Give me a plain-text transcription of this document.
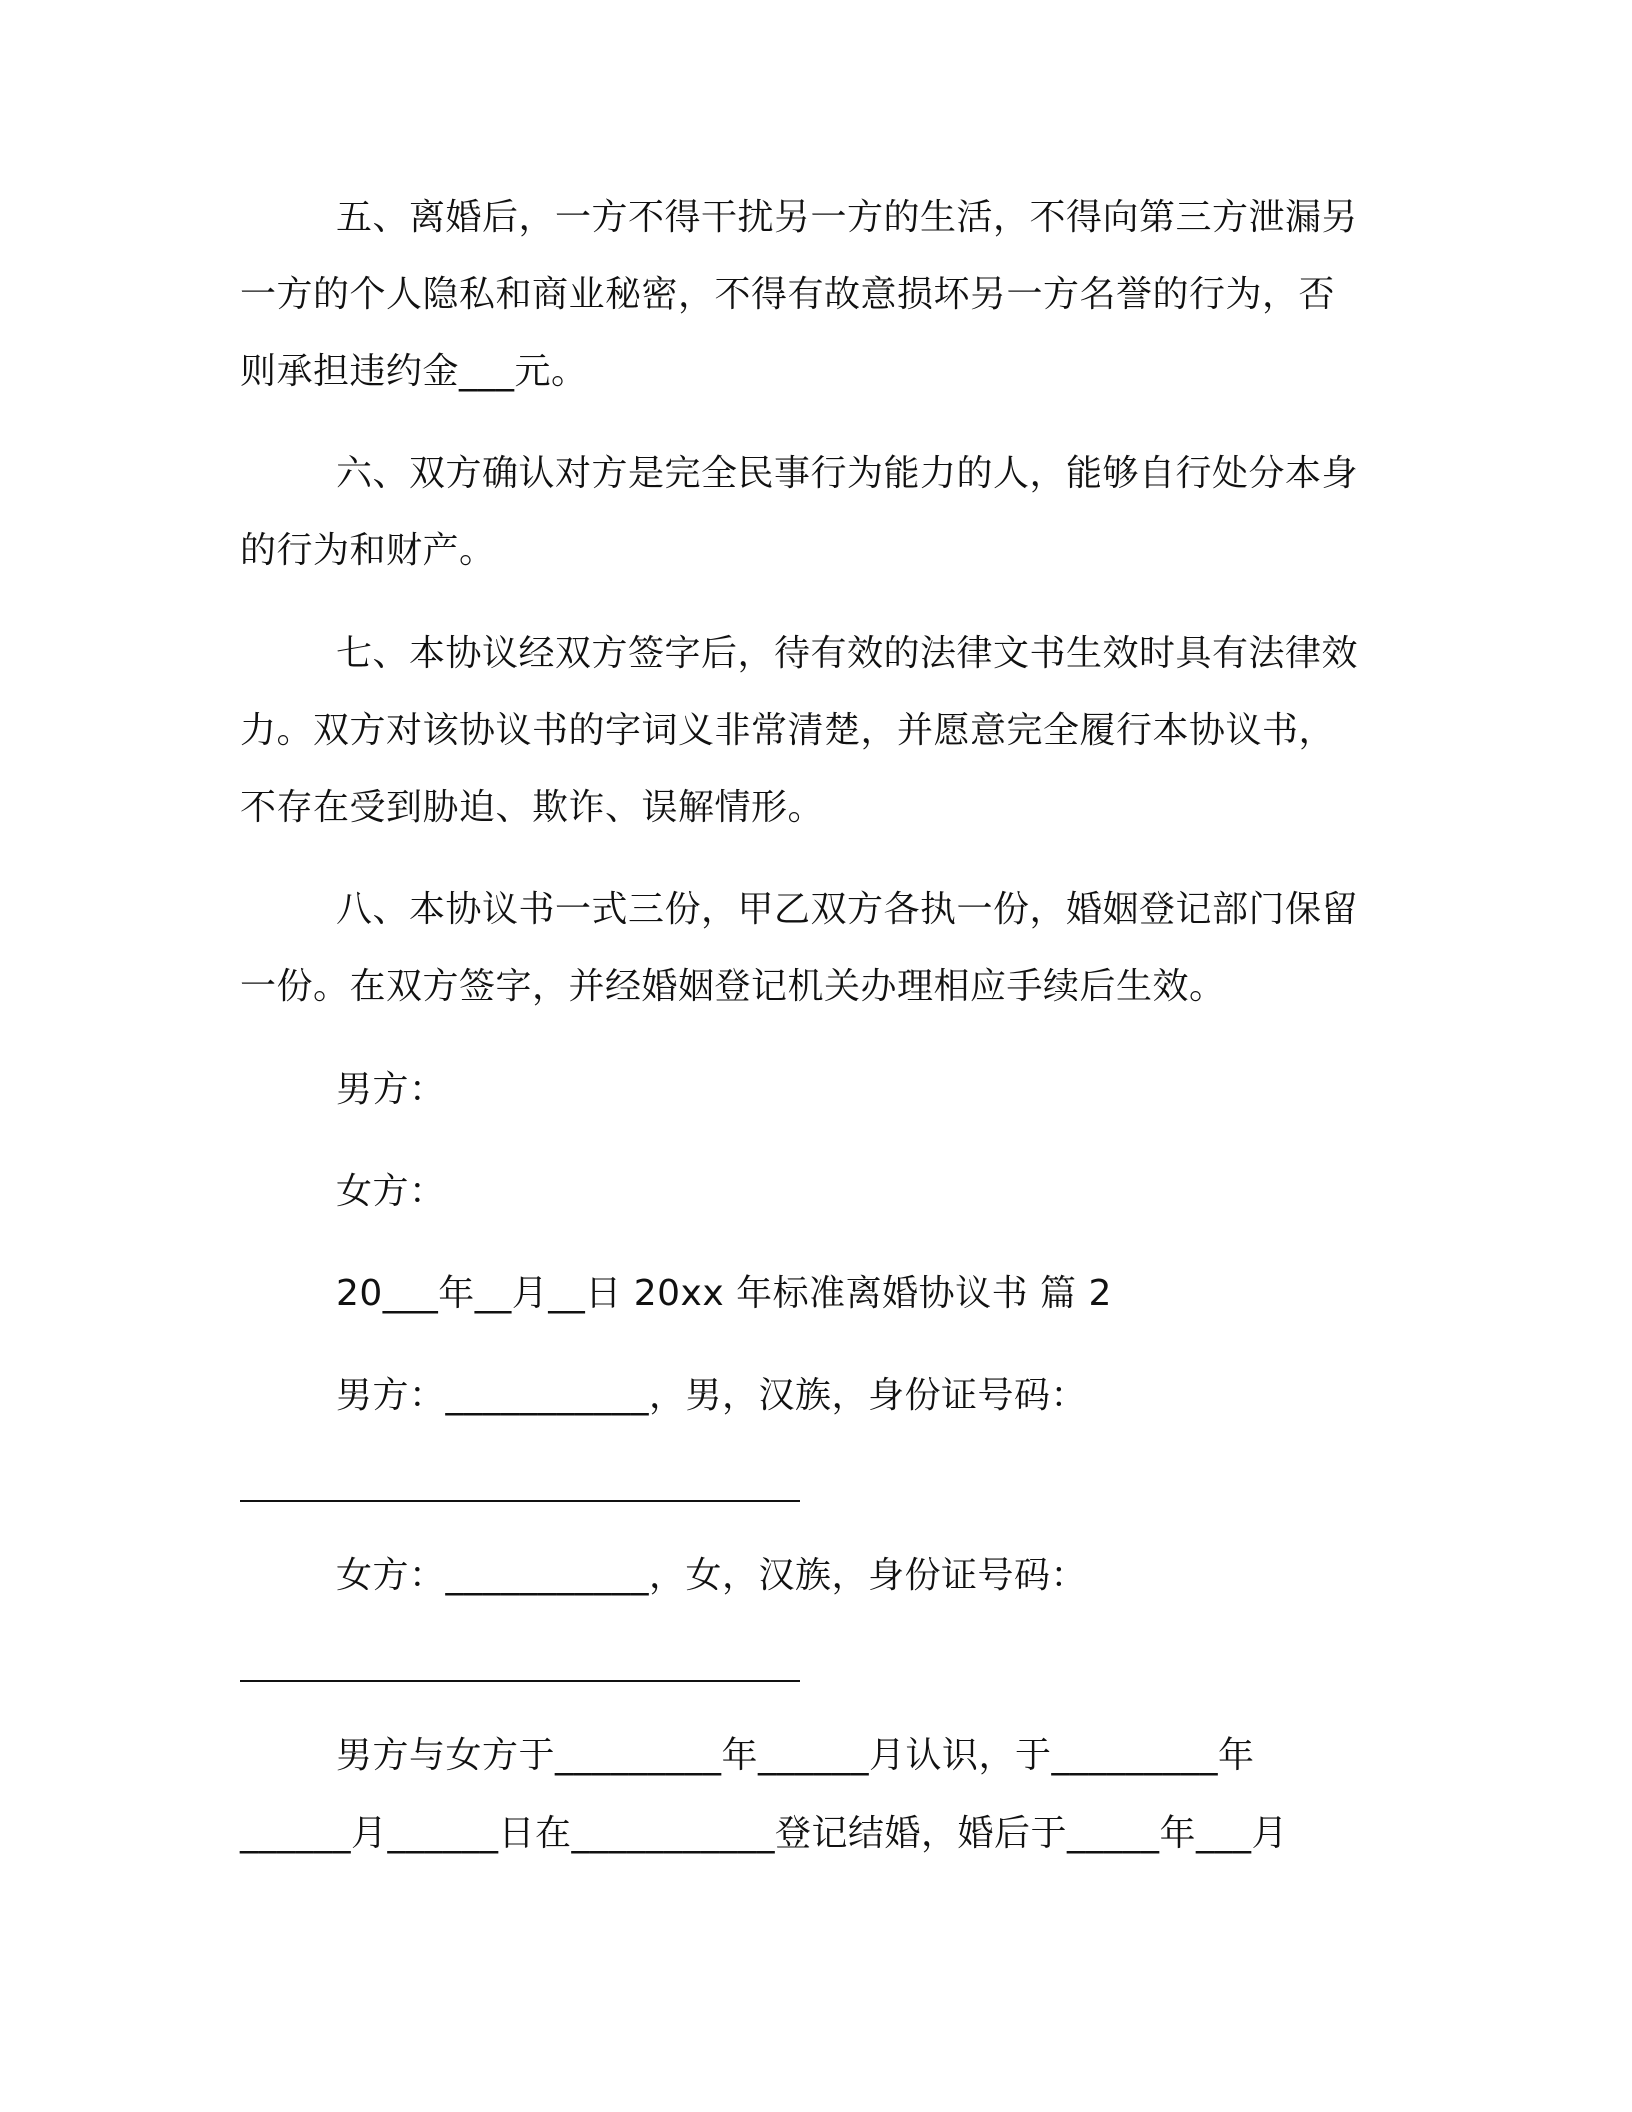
五、离婚后，一方不得干扰另一方的生活，不得向第三方泄漏另
一方的个人隐私和商业秘密，不得有故意损坏另一方名誉的行为，否
则承担违约金___元。
六、双方确认对方是完全民事行为能力的人，能够自行处分本身
的行为和财产。
七、本协议经双方签字后，待有效的法律文书生效时具有法律效
力。双方对该协议书的字词义非常清楚，并愿意完全履行本协议书，
不存在受到胁迫、欺诈、误解情形。
八、本协议书一式三份，甲乙双方各执一份，婚姻登记部门保留
一份。在双方签字，并经婚姻登记机关办理相应手续后生效。
男方：
女方：
20___年__月__日 20xx 年标准离婚协议书 篇 2
男方：___________，男，汉族，身份证号码：
女方：___________，女，汉族，身份证号码：
男方与女方于_________年______月认识，于_________年
______月______日在___________登记结婚，婚后于_____年___月
